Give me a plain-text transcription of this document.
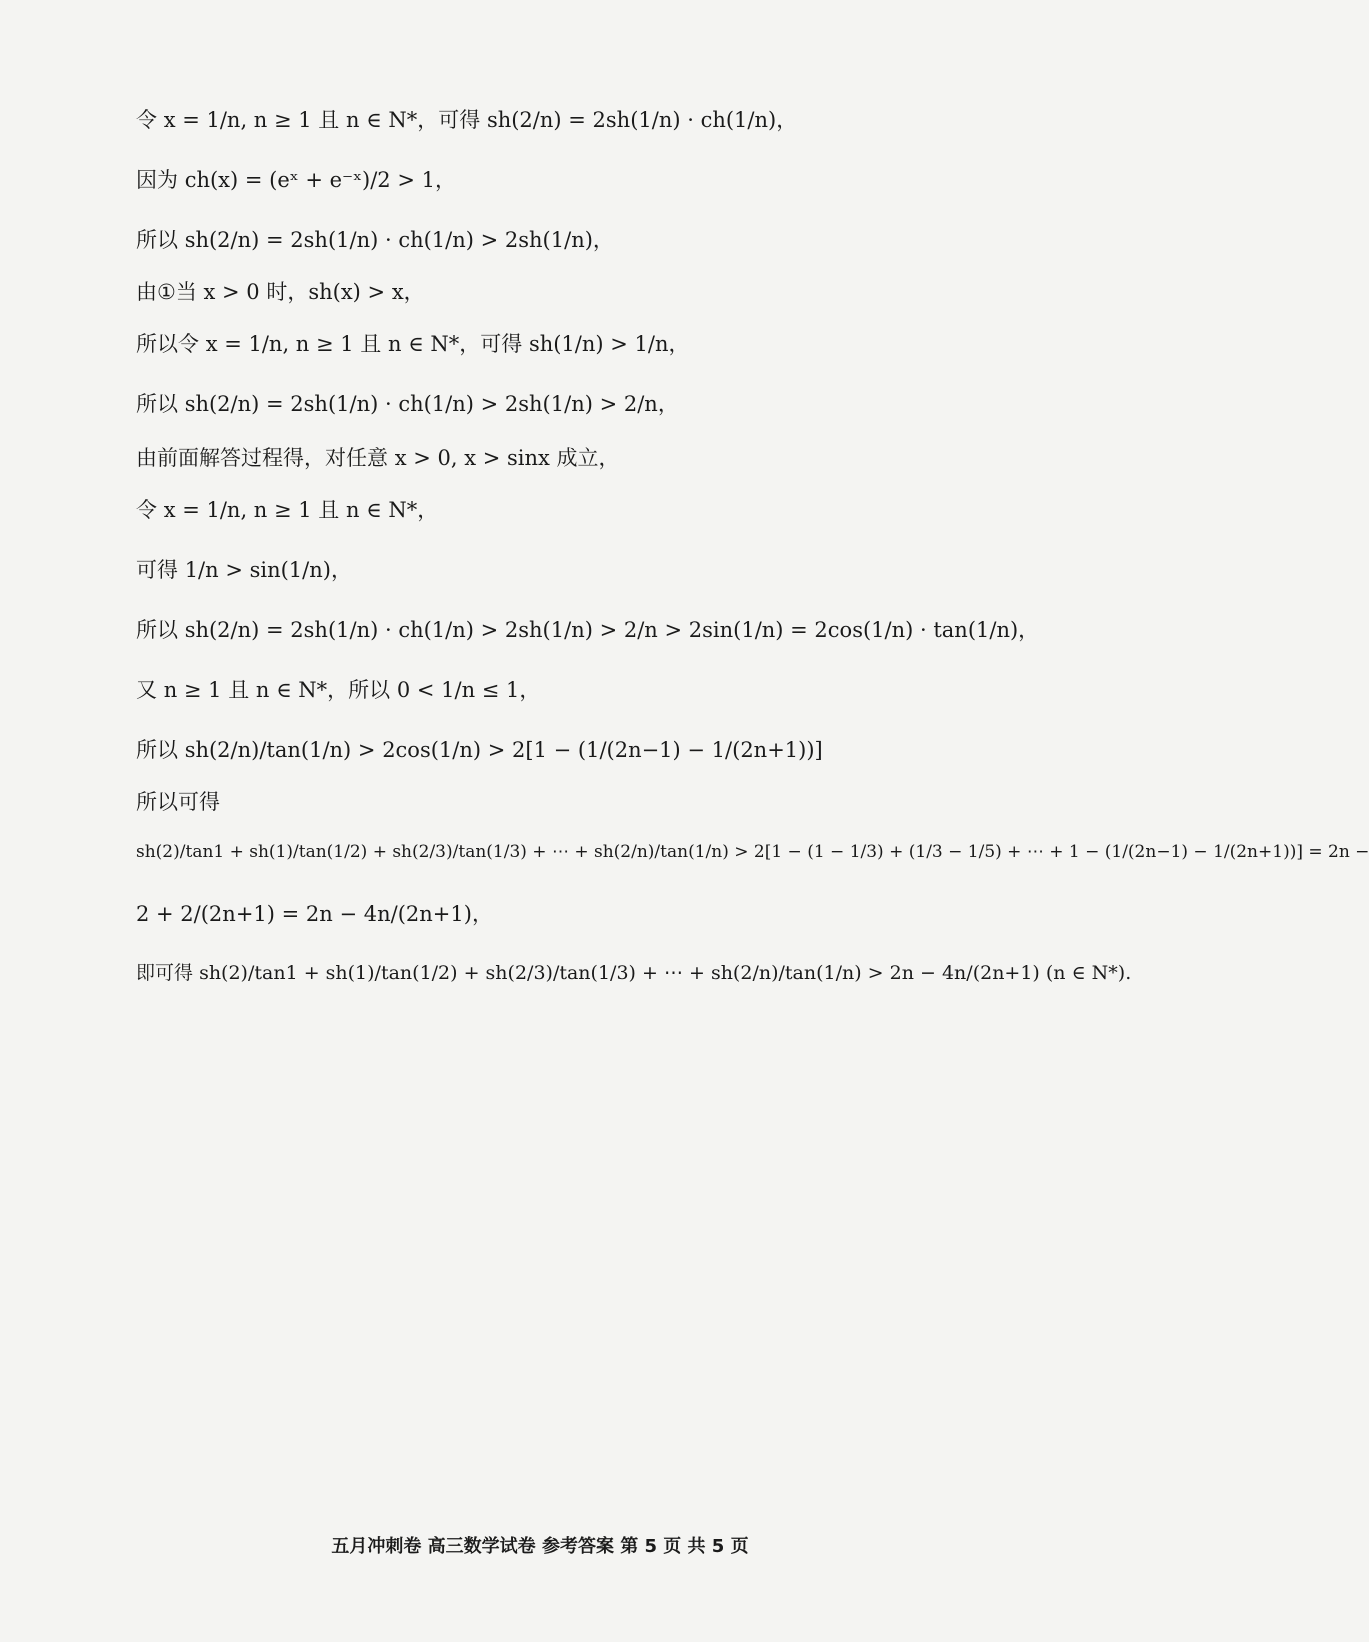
令 x = 1/n, n ≥ 1 且 n ∈ N*，可得 sh(2/n) = 2sh(1/n) · ch(1/n)，
因为 ch(x) = (eˣ + e⁻ˣ)/2 > 1，
所以 sh(2/n) = 2sh(1/n) · ch(1/n) > 2sh(1/n)，
由①当 x > 0 时，sh(x) > x，
所以令 x = 1/n, n ≥ 1 且 n ∈ N*，可得 sh(1/n) > 1/n，
所以 sh(2/n) = 2sh(1/n) · ch(1/n) > 2sh(1/n) > 2/n，
由前面解答过程得，对任意 x > 0, x > sinx 成立，
令 x = 1/n, n ≥ 1 且 n ∈ N*，
可得 1/n > sin(1/n)，
所以 sh(2/n) = 2sh(1/n) · ch(1/n) > 2sh(1/n) > 2/n > 2sin(1/n) = 2cos(1/n) · tan(1/n)，
又 n ≥ 1 且 n ∈ N*，所以 0 < 1/n ≤ 1，
所以 sh(2/n)/tan(1/n) > 2cos(1/n) > 2[1 − (1/(2n−1) − 1/(2n+1))]
所以可得
sh(2)/tan1 + sh(1)/tan(1/2) + sh(2/3)/tan(1/3) + ⋯ + sh(2/n)/tan(1/n) > 2[1 − (1 − 1/3) + (1/3 − 1/5) + ⋯ + 1 − (1/(2n−1) − 1/(2n+1))] = 2n −
2 + 2/(2n+1) = 2n − 4n/(2n+1)，
即可得 sh(2)/tan1 + sh(1)/tan(1/2) + sh(2/3)/tan(1/3) + ⋯ + sh(2/n)/tan(1/n) > 2n − 4n/(2n+1) (n ∈ N*).
五月冲刺卷 高三数学试卷 参考答案 第 5 页 共 5 页
